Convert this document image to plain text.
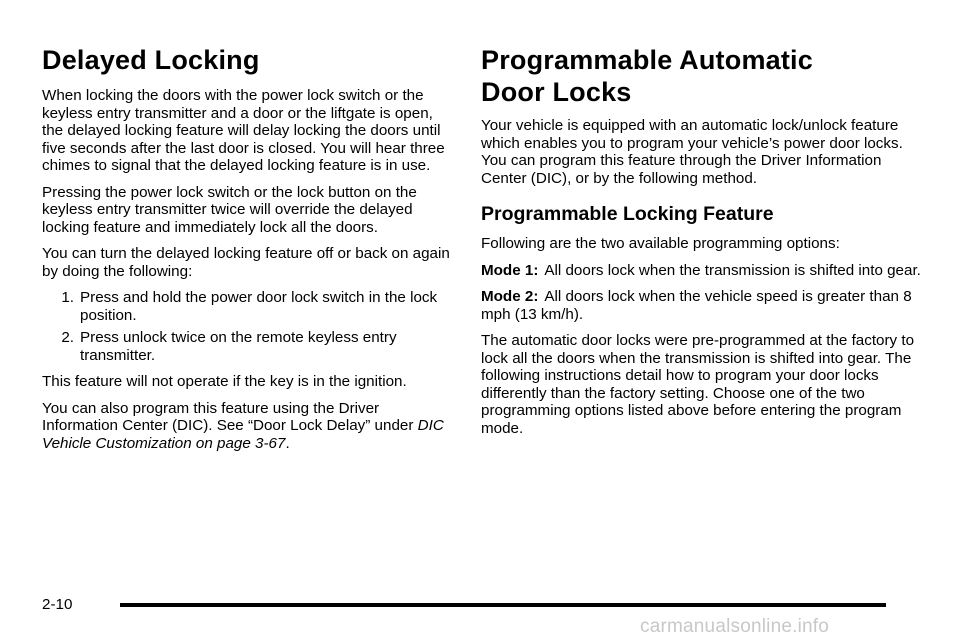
Delayed Locking

When locking the doors with the power lock switch or the keyless entry transmitter and a door or the liftgate is open, the delayed locking feature will delay locking the doors until five seconds after the last door is closed. You will hear three chimes to signal that the delayed locking feature is in use.

Pressing the power lock switch or the lock button on the keyless entry transmitter twice will override the delayed locking feature and immediately lock all the doors.

You can turn the delayed locking feature off or back on again by doing the following:

1. Press and hold the power door lock switch in the lock position.
2. Press unlock twice on the remote keyless entry transmitter.

This feature will not operate if the key is in the ignition.

You can also program this feature using the Driver Information Center (DIC). See “Door Lock Delay” under DIC Vehicle Customization on page 3-67.

Programmable Automatic
Door Locks

Your vehicle is equipped with an automatic lock/unlock feature which enables you to program your vehicle’s power door locks. You can program this feature through the Driver Information Center (DIC), or by the following method.

Programmable Locking Feature

Following are the two available programming options:

Mode 1: All doors lock when the transmission is shifted into gear.

Mode 2: All doors lock when the vehicle speed is greater than 8 mph (13 km/h).

The automatic door locks were pre-programmed at the factory to lock all the doors when the transmission is shifted into gear. The following instructions detail how to program your door locks differently than the factory setting. Choose one of the two programming options listed above before entering the program mode.

2-10
carmanualsonline.info
